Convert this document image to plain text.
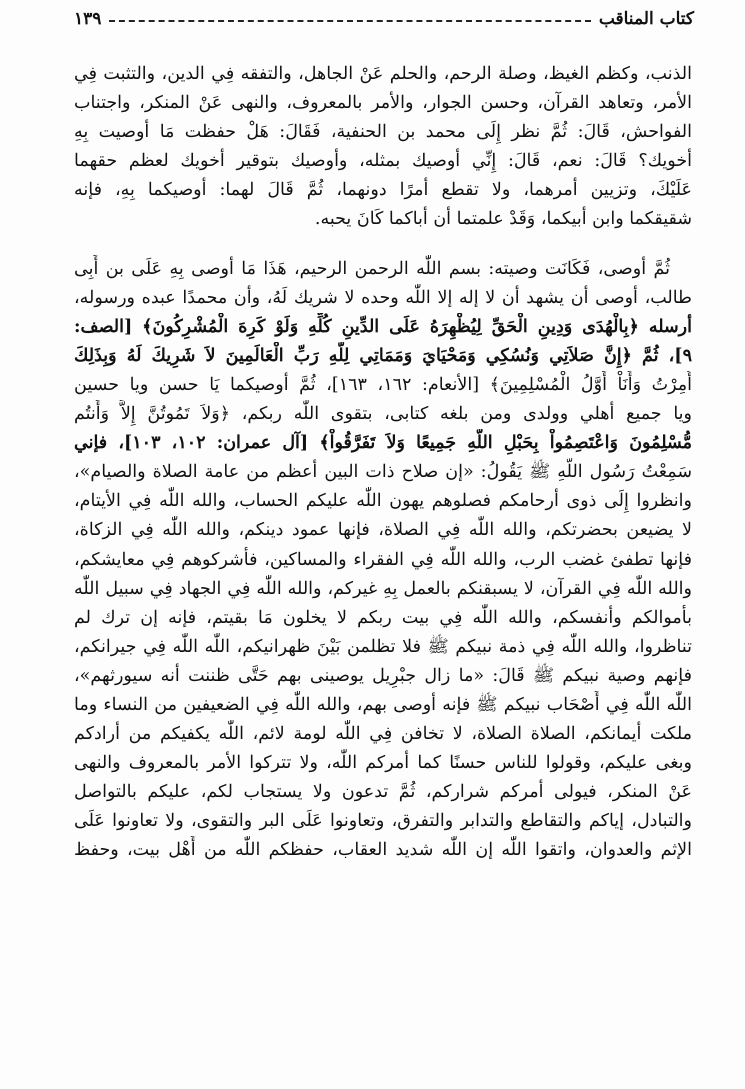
كتاب المناقب
١٣٩
الذنب، وكظم الغيظ، وصلة الرحم، والحلم عَنْ الجاهل، والتفقه فِي الدين، والتثبت فِي
الأمر، وتعاهد القرآن، وحسن الجوار، والأمر بالمعروف، والنهى عَنْ المنكر، واجتناب
الفواحش، قَالَ: ثُمَّ نظر إِلَى محمد بن الحنفية، فَقَالَ: هَلْ حفظت مَا أوصيت بِهِ
أخويك؟ قَالَ: نعم، قَالَ: إِنِّي أوصيك بمثله، وأوصيك بتوقير أخويك لعظم حقهما
عَلَيْكَ، وتزيين أمرهما، ولا تقطع أمرًا دونهما، ثُمَّ قَالَ لهما: أوصيكما بِهِ، فإنه
شقيقكما وابن أبيكما، وَقَدْ علمتما أن أباكما كَانَ يحبه.
ثُمَّ أوصى، فَكَانَت وصيته: بسم اللّٰه الرحمن الرحيم، هَذَا مَا أوصى بِهِ عَلَى بن أَبِى
طالب، أوصى أن يشهد أن لا إله إلا اللّٰه وحده لا شريك لَهُ، وأن محمدًا عبده ورسوله،
أرسله ﴿بِالْهُدَى وَدِينِ الْحَقِّ لِيُظْهِرَهُ عَلَى الدِّينِ كُلِّهِ وَلَوْ كَرِهَ الْمُشْرِكُونَ﴾ [الصف:
٩]، ثُمَّ ﴿إِنَّ صَلاَتِي وَنُسُكِي وَمَحْيَايَ وَمَمَاتِي لِلّهِ رَبِّ الْعَالَمِينَ لاَ شَرِيكَ لَهُ وَبِذَلِكَ
أُمِرْتُ وَأَنَاْ أَوَّلُ الْمُسْلِمِينَ﴾ [الأنعام: ١٦٢، ١٦٣]، ثُمَّ أوصيكما يَا حسن ويا حسين
ويا جميع أهلي وولدى ومن بلغه كتابى، بتقوى اللّٰه ربكم، ﴿وَلاَ تَمُوتُنَّ إِلاَّ وَأَنتُم
مُّسْلِمُونَ وَاعْتَصِمُواْ بِحَبْلِ اللّهِ جَمِيعًا وَلاَ تَفَرَّقُواْ﴾ [آل عمران: ١٠٢، ١٠٣]، فإني
سَمِعْتُ رَسُول اللّهِ ﷺ يَقُولُ: «إن صلاح ذات البين أعظم من عامة الصلاة والصيام»،
وانظروا إِلَى ذوى أرحامكم فصلوهم يهون اللّٰه عليكم الحساب، والله اللّٰه فِي الأيتام،
لا يضيعن بحضرتكم، والله اللّٰه فِي الصلاة، فإنها عمود دينكم، والله اللّٰه فِي الزكاة،
فإنها تطفئ غضب الرب، والله اللّٰه فِي الفقراء والمساكين، فأشركوهم فِي معايشكم،
والله اللّٰه فِي القرآن، لا يسبقنكم بالعمل بِهِ غيركم، والله اللّٰه فِي الجهاد فِي سبيل اللّٰه
بأموالكم وأنفسكم، والله اللّٰه فِي بيت ربكم لا يخلون مَا بقيتم، فإنه إن ترك لم
تناظروا، والله اللّٰه فِي ذمة نبيكم ﷺ فلا تظلمن بَيْنَ ظهرانيكم، اللّٰه اللّٰه فِي جيرانكم،
فإنهم وصية نبيكم ﷺ قَالَ: «ما زال جبْرِيل يوصينى بهم حَتَّى ظننت أنه سيورثهم»،
اللّٰه اللّٰه فِي أَصْحَاب نبيكم ﷺ فإنه أوصى بهم، والله اللّٰه فِي الضعيفين من النساء وما
ملكت أيمانكم، الصلاة الصلاة، لا تخافن فِي اللّٰه لومة لائم، اللّٰه يكفيكم من أرادكم
وبغى عليكم، وقولوا للناس حسنًا كما أمركم اللّٰه، ولا تتركوا الأمر بالمعروف والنهى
عَنْ المنكر، فيولى أمركم شراركم، ثُمَّ تدعون ولا يستجاب لكم، عليكم بالتواصل
والتبادل، إياكم والتقاطع والتدابر والتفرق، وتعاونوا عَلَى البر والتقوى، ولا تعاونوا عَلَى
الإثم والعدوان، واتقوا اللّٰه إن اللّٰه شديد العقاب، حفظكم اللّٰه من أَهْل بيت، وحفظ
